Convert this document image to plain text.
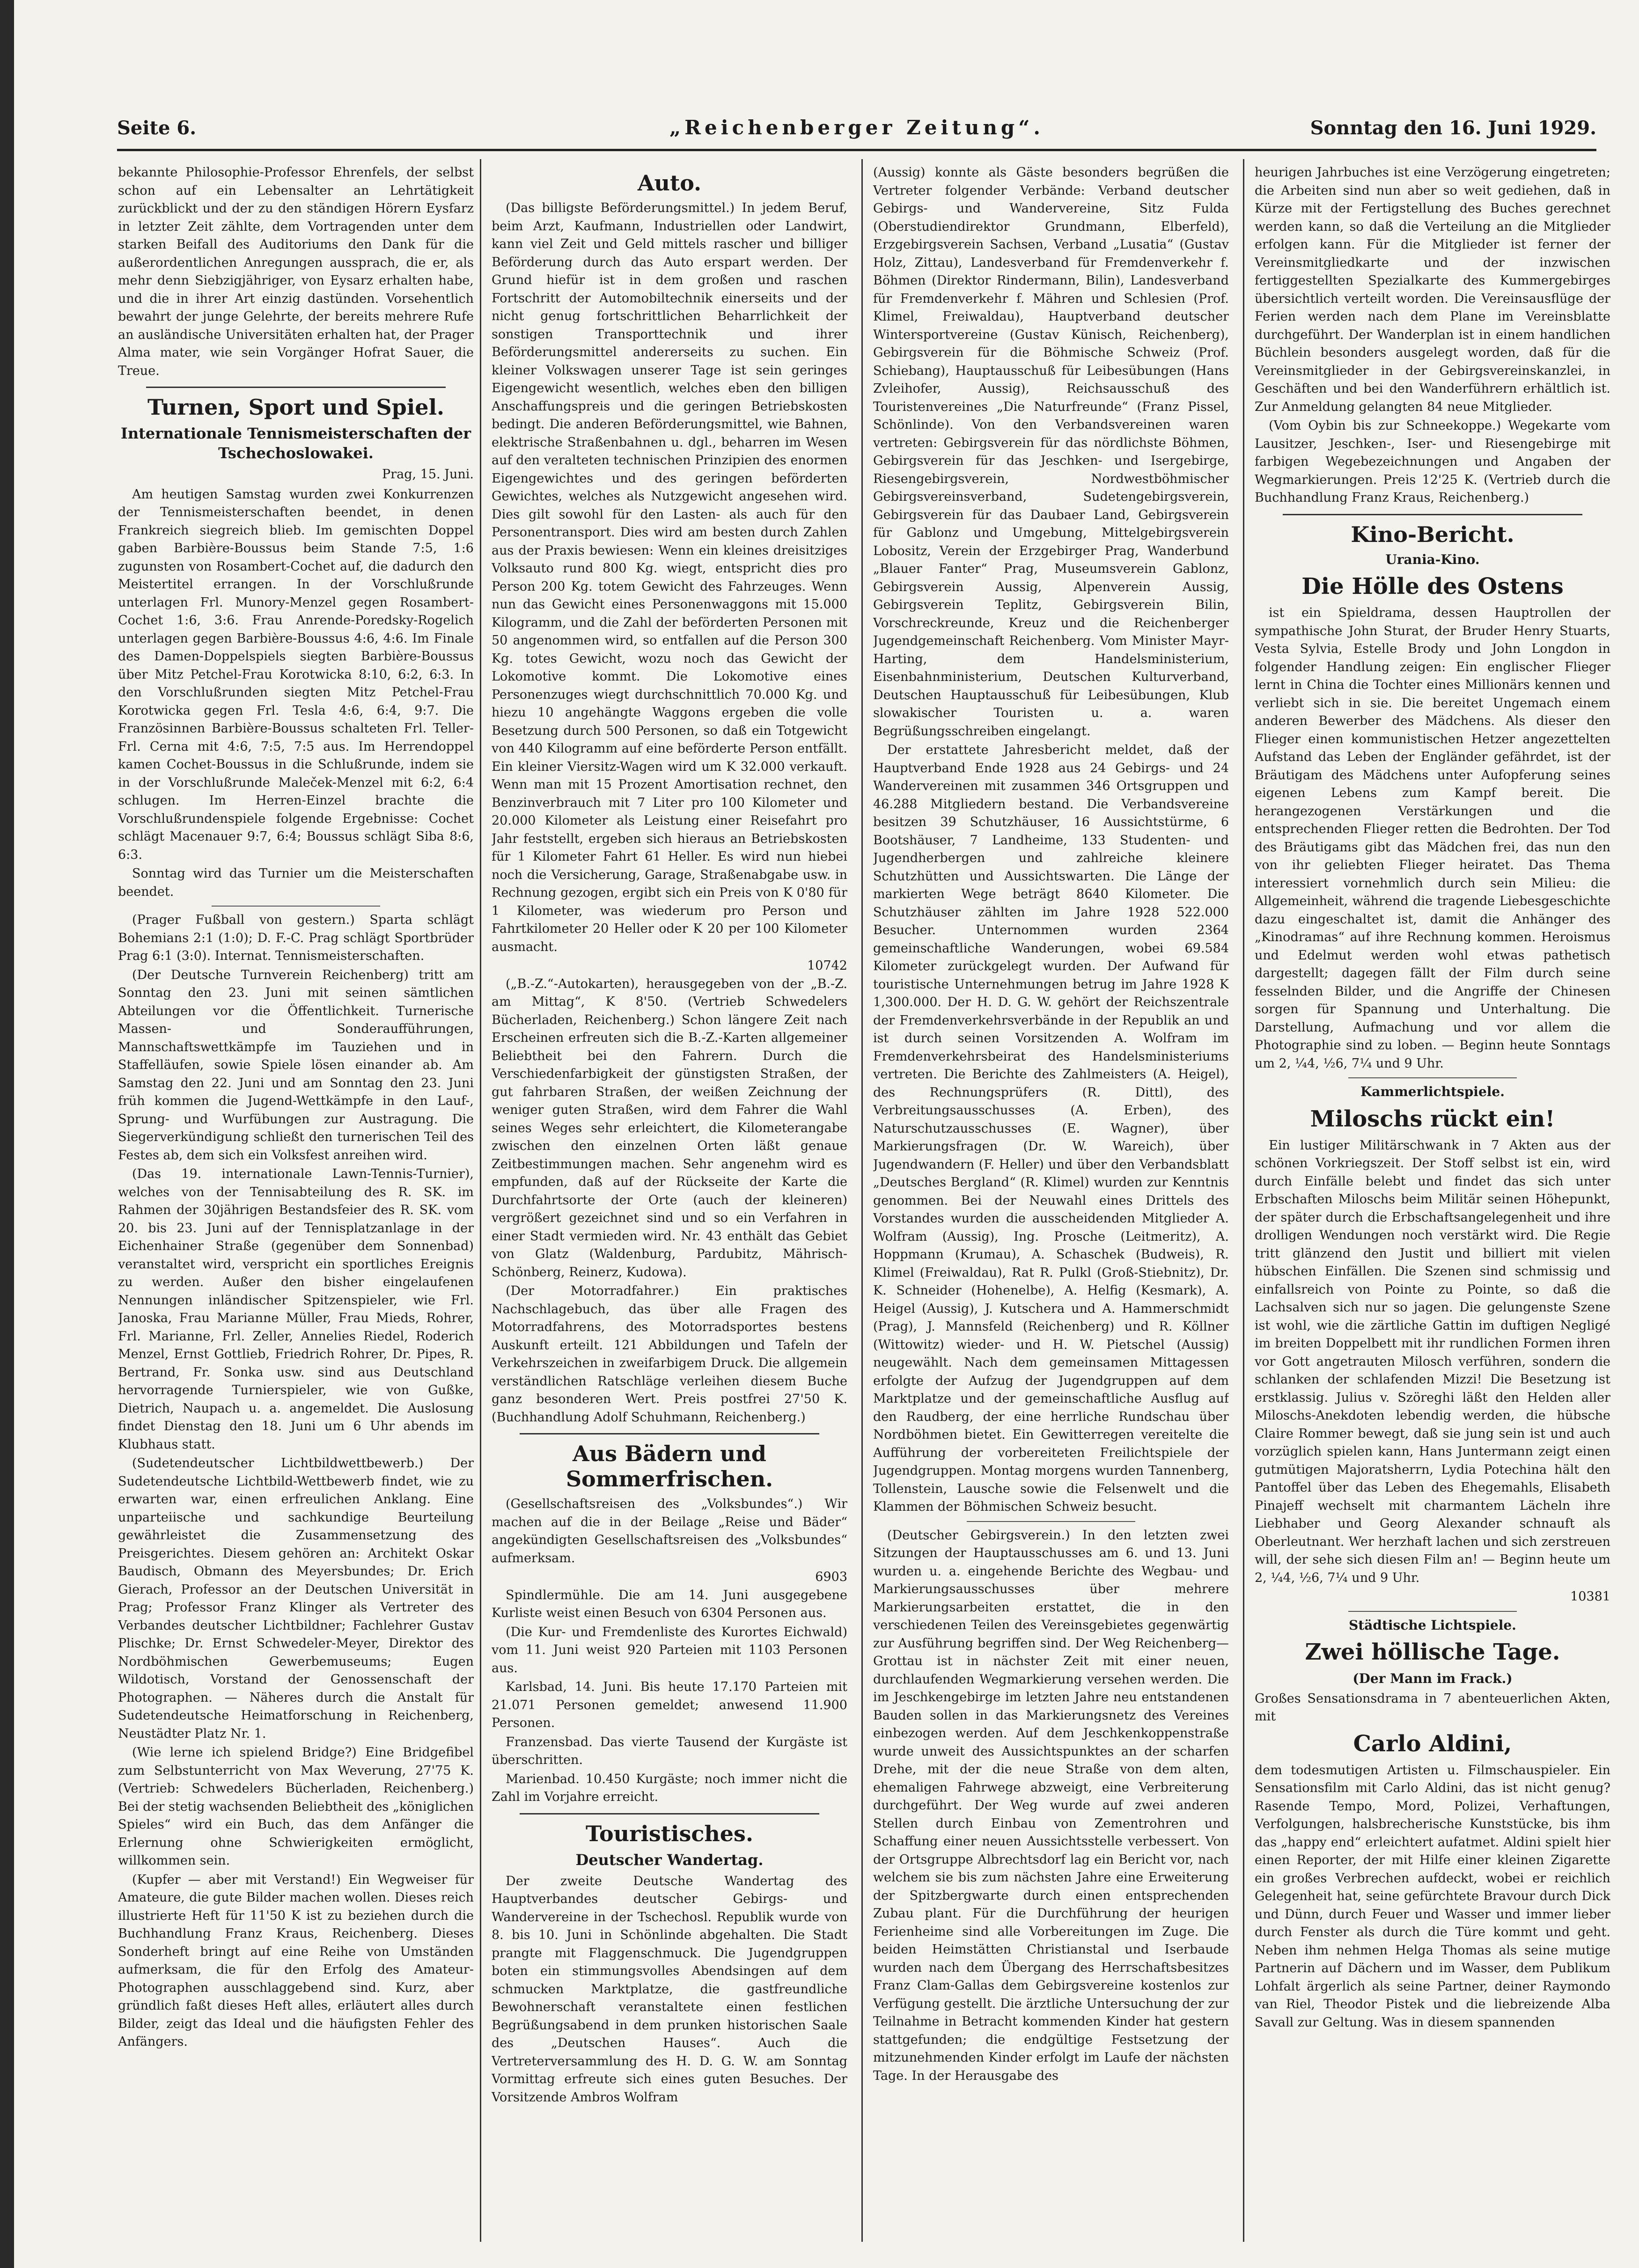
Seite 6.	„Reichenberger Zeitung“.	Sonntag den 16. Juni 1929.

bekannte Philosophie-Professor Ehrenfels, der selbst schon auf ein Lebensalter an Lehrtätigkeit zurückblickt und der zu den ständigen Hörern Eysfarz in letzter Zeit zählte, dem Vortragenden unter dem starken Beifall des Auditoriums den Dank für die außerordentlichen Anregungen aussprach, die er, als mehr denn Siebzigjähriger, von Eysarz erhalten habe, und die in ihrer Art einzig dastünden. Vorsehentlich bewahrt der junge Gelehrte, der bereits mehrere Rufe an ausländische Universitäten erhalten hat, der Prager Alma mater, wie sein Vorgänger Hofrat Sauer, die Treue.

Turnen, Sport und Spiel.
Internationale Tennismeisterschaften der Tschechoslowakei.
Prag, 15. Juni.

Am heutigen Samstag wurden zwei Konkurrenzen der Tennismeisterschaften beendet, in denen Frankreich siegreich blieb. Im gemischten Doppel gaben Barbière-Boussus beim Stande 7:5, 1:6 zugunsten von Rosambert-Cochet auf, die dadurch den Meistertitel errangen. In der Vorschlußrunde unterlagen Frl. Munory-Menzel gegen Rosambert-Cochet 1:6, 3:6. Frau Anrende-Poredsky-Rogelich unterlagen gegen Barbière-Boussus 4:6, 4:6. Im Finale des Damen-Doppelspiels siegten Barbière-Boussus über Mitz Petchel-Frau Korotwicka 8:10, 6:2, 6:3. In den Vorschlußrunden siegten Mitz Petchel-Frau Korotwicka gegen Frl. Tesla 4:6, 6:4, 9:7. Die Französinnen Barbière-Boussus schalteten Frl. Teller-Frl. Cerna mit 4:6, 7:5, 7:5 aus. Im Herrendoppel kamen Cochet-Boussus in die Schlußrunde, indem sie in der Vorschlußrunde Maleček-Menzel mit 6:2, 6:4 schlugen. Im Herren-Einzel brachte die Vorschlußrundenspiele folgende Ergebnisse: Cochet schlägt Macenauer 9:7, 6:4; Boussus schlägt Siba 8:6, 6:3.

Sonntag wird das Turnier um die Meisterschaften beendet.

(Prager Fußball von gestern.) Sparta schlägt Bohemians 2:1 (1:0); D. F.-C. Prag schlägt Sportbrüder Prag 6:1 (3:0). Internat. Tennismeisterschaften.

(Der Deutsche Turnverein Reichenberg) tritt am Sonntag den 23. Juni mit seinen sämtlichen Abteilungen vor die Öffentlichkeit. Turnerische Massen- und Sonderaufführungen, Mannschaftswettkämpfe im Tauziehen und in Staffelläufen, sowie Spiele lösen einander ab. Am Samstag den 22. Juni und am Sonntag den 23. Juni früh kommen die Jugend-Wettkämpfe in den Lauf-, Sprung- und Wurfübungen zur Austragung. Die Siegerverkündigung schließt den turnerischen Teil des Festes ab, dem sich ein Volksfest anreihen wird.

(Das 19. internationale Lawn-Tennis-Turnier), welches von der Tennisabteilung des R. SK. im Rahmen der 30jährigen Bestandsfeier des R. SK. vom 20. bis 23. Juni auf der Tennisplatzanlage in der Eichenhainer Straße (gegenüber dem Sonnenbad) veranstaltet wird, verspricht ein sportliches Ereignis zu werden. Außer den bisher eingelaufenen Nennungen inländischer Spitzenspieler, wie Frl. Janoska, Frau Marianne Müller, Frau Mieds, Rohrer, Frl. Marianne, Frl. Zeller, Annelies Riedel, Roderich Menzel, Ernst Gottlieb, Friedrich Rohrer, Dr. Pipes, R. Bertrand, Fr. Sonka usw. sind aus Deutschland hervorragende Turnierspieler, wie von Gußke, Dietrich, Naupach u. a. angemeldet. Die Auslosung findet Dienstag den 18. Juni um 6 Uhr abends im Klubhaus statt.

(Sudetendeutscher Lichtbildwettbewerb.) Der Sudetendeutsche Lichtbild-Wettbewerb findet, wie zu erwarten war, einen erfreulichen Anklang. Eine unparteiische und sachkundige Beurteilung gewährleistet die Zusammensetzung des Preisgerichtes. Diesem gehören an: Architekt Oskar Baudisch, Obmann des Meyersbundes; Dr. Erich Gierach, Professor an der Deutschen Universität in Prag; Professor Franz Klinger als Vertreter des Verbandes deutscher Lichtbildner; Fachlehrer Gustav Plischke; Dr. Ernst Schwedeler-Meyer, Direktor des Nordböhmischen Gewerbemuseums; Eugen Wildotisch, Vorstand der Genossenschaft der Photographen. — Näheres durch die Anstalt für Sudetendeutsche Heimatforschung in Reichenberg, Neustädter Platz Nr. 1.

(Wie lerne ich spielend Bridge?) Eine Bridgefibel zum Selbstunterricht von Max Weverung, 27'75 K. (Vertrieb: Schwedelers Bücherladen, Reichenberg.) Bei der stetig wachsenden Beliebtheit des „königlichen Spieles“ wird ein Buch, das dem Anfänger die Erlernung ohne Schwierigkeiten ermöglicht, willkommen sein.

(Kupfer — aber mit Verstand!) Ein Wegweiser für Amateure, die gute Bilder machen wollen. Dieses reich illustrierte Heft für 11'50 K ist zu beziehen durch die Buchhandlung Franz Kraus, Reichenberg. Dieses Sonderheft bringt auf eine Reihe von Umständen aufmerksam, die für den Erfolg des Amateur-Photographen ausschlaggebend sind. Kurz, aber gründlich faßt dieses Heft alles, erläutert alles durch Bilder, zeigt das Ideal und die häufigsten Fehler des Anfängers.

Auto.

(Das billigste Beförderungsmittel.) In jedem Beruf, beim Arzt, Kaufmann, Industriellen oder Landwirt, kann viel Zeit und Geld mittels rascher und billiger Beförderung durch das Auto erspart werden. Der Grund hiefür ist in dem großen und raschen Fortschritt der Automobiltechnik einerseits und der nicht genug fortschrittlichen Beharrlichkeit der sonstigen Transporttechnik und ihrer Beförderungsmittel andererseits zu suchen. Ein kleiner Volkswagen unserer Tage ist sein geringes Eigengewicht wesentlich, welches eben den billigen Anschaffungspreis und die geringen Betriebskosten bedingt. Die anderen Beförderungsmittel, wie Bahnen, elektrische Straßenbahnen u. dgl., beharren im Wesen auf den veralteten technischen Prinzipien des enormen Eigengewichtes und des geringen beförderten Gewichtes, welches als Nutzgewicht angesehen wird. Dies gilt sowohl für den Lasten- als auch für den Personentransport. Dies wird am besten durch Zahlen aus der Praxis bewiesen: Wenn ein kleines dreisitziges Volksauto rund 800 Kg. wiegt, entspricht dies pro Person 200 Kg. totem Gewicht des Fahrzeuges. Wenn nun das Gewicht eines Personenwaggons mit 15.000 Kilogramm, und die Zahl der beförderten Personen mit 50 angenommen wird, so entfallen auf die Person 300 Kg. totes Gewicht, wozu noch das Gewicht der Lokomotive kommt. Die Lokomotive eines Personenzuges wiegt durchschnittlich 70.000 Kg. und hiezu 10 angehängte Waggons ergeben die volle Besetzung durch 500 Personen, so daß ein Totgewicht von 440 Kilogramm auf eine beförderte Person entfällt. Ein kleiner Viersitz-Wagen wird um K 32.000 verkauft. Wenn man mit 15 Prozent Amortisation rechnet, den Benzinverbrauch mit 7 Liter pro 100 Kilometer und 20.000 Kilometer als Leistung einer Reisefahrt pro Jahr feststellt, ergeben sich hieraus an Betriebskosten für 1 Kilometer Fahrt 61 Heller. Es wird nun hiebei noch die Versicherung, Garage, Straßenabgabe usw. in Rechnung gezogen, ergibt sich ein Preis von K 0'80 für 1 Kilometer, was wiederum pro Person und Fahrtkilometer 20 Heller oder K 20 per 100 Kilometer ausmacht.

10742

(„B.-Z.“-Autokarten), herausgegeben von der „B.-Z. am Mittag“, K 8'50. (Vertrieb Schwedelers Bücherladen, Reichenberg.) Schon längere Zeit nach Erscheinen erfreuten sich die B.-Z.-Karten allgemeiner Beliebtheit bei den Fahrern. Durch die Verschiedenfarbigkeit der günstigsten Straßen, der gut fahrbaren Straßen, der weißen Zeichnung der weniger guten Straßen, wird dem Fahrer die Wahl seines Weges sehr erleichtert, die Kilometerangabe zwischen den einzelnen Orten läßt genaue Zeitbestimmungen machen. Sehr angenehm wird es empfunden, daß auf der Rückseite der Karte die Durchfahrtsorte der Orte (auch der kleineren) vergrößert gezeichnet sind und so ein Verfahren in einer Stadt vermieden wird. Nr. 43 enthält das Gebiet von Glatz (Waldenburg, Pardubitz, Mährisch-Schönberg, Reinerz, Kudowa).

(Der Motorradfahrer.) Ein praktisches Nachschlagebuch, das über alle Fragen des Motorradfahrens, des Motorradsportes bestens Auskunft erteilt. 121 Abbildungen und Tafeln der Verkehrszeichen in zweifarbigem Druck. Die allgemein verständlichen Ratschläge verleihen diesem Buche ganz besonderen Wert. Preis postfrei 27'50 K. (Buchhandlung Adolf Schuhmann, Reichenberg.)

Aus Bädern und Sommerfrischen.

(Gesellschaftsreisen des „Volksbundes“.) Wir machen auf die in der Beilage „Reise und Bäder“ angekündigten Gesellschaftsreisen des „Volksbundes“ aufmerksam.

6903

Spindlermühle. Die am 14. Juni ausgegebene Kurliste weist einen Besuch von 6304 Personen aus.

(Die Kur- und Fremdenliste des Kurortes Eichwald) vom 11. Juni weist 920 Parteien mit 1103 Personen aus.

Karlsbad, 14. Juni. Bis heute 17.170 Parteien mit 21.071 Personen gemeldet; anwesend 11.900 Personen.

Franzensbad. Das vierte Tausend der Kurgäste ist überschritten.

Marienbad. 10.450 Kurgäste; noch immer nicht die Zahl im Vorjahre erreicht.

Touristisches.
Deutscher Wandertag.

Der zweite Deutsche Wandertag des Hauptverbandes deutscher Gebirgs- und Wandervereine in der Tschechosl. Republik wurde von 8. bis 10. Juni in Schönlinde abgehalten. Die Stadt prangte mit Flaggenschmuck. Die Jugendgruppen boten ein stimmungsvolles Abendsingen auf dem schmucken Marktplatze, die gastfreundliche Bewohnerschaft veranstaltete einen festlichen Begrüßungsabend in dem prunken historischen Saale des „Deutschen Hauses“. Auch die Vertreterversammlung des H. D. G. W. am Sonntag Vormittag erfreute sich eines guten Besuches. Der Vorsitzende Ambros Wolfram

(Aussig) konnte als Gäste besonders begrüßen die Vertreter folgender Verbände: Verband deutscher Gebirgs- und Wandervereine, Sitz Fulda (Oberstudiendirektor Grundmann, Elberfeld), Erzgebirgsverein Sachsen, Verband „Lusatia“ (Gustav Holz, Zittau), Landesverband für Fremdenverkehr f. Böhmen (Direktor Rindermann, Bilin), Landesverband für Fremdenverkehr f. Mähren und Schlesien (Prof. Klimel, Freiwaldau), Hauptverband deutscher Wintersportvereine (Gustav Künisch, Reichenberg), Gebirgsverein für die Böhmische Schweiz (Prof. Schiebang), Hauptausschuß für Leibesübungen (Hans Zvleihofer, Aussig), Reichsausschuß des Touristenvereines „Die Naturfreunde“ (Franz Pissel, Schönlinde). Von den Verbandsvereinen waren vertreten: Gebirgsverein für das nördlichste Böhmen, Gebirgsverein für das Jeschken- und Isergebirge, Riesengebirgsverein, Nordwestböhmischer Gebirgsvereinsverband, Sudetengebirgsverein, Gebirgsverein für das Daubaer Land, Gebirgsverein für Gablonz und Umgebung, Mittelgebirgsverein Lobositz, Verein der Erzgebirger Prag, Wanderbund „Blauer Fanter“ Prag, Museumsverein Gablonz, Gebirgsverein Aussig, Alpenverein Aussig, Gebirgsverein Teplitz, Gebirgsverein Bilin, Vorschreckreunde, Kreuz und die Reichenberger Jugendgemeinschaft Reichenberg. Vom Minister Mayr-Harting, dem Handelsministerium, Eisenbahnministerium, Deutschen Kulturverband, Deutschen Hauptausschuß für Leibesübungen, Klub slowakischer Touristen u. a. waren Begrüßungsschreiben eingelangt.

Der erstattete Jahresbericht meldet, daß der Hauptverband Ende 1928 aus 24 Gebirgs- und 24 Wandervereinen mit zusammen 346 Ortsgruppen und 46.288 Mitgliedern bestand. Die Verbandsvereine besitzen 39 Schutzhäuser, 16 Aussichtstürme, 6 Bootshäuser, 7 Landheime, 133 Studenten- und Jugendherbergen und zahlreiche kleinere Schutzhütten und Aussichtswarten. Die Länge der markierten Wege beträgt 8640 Kilometer. Die Schutzhäuser zählten im Jahre 1928 522.000 Besucher. Unternommen wurden 2364 gemeinschaftliche Wanderungen, wobei 69.584 Kilometer zurückgelegt wurden. Der Aufwand für touristische Unternehmungen betrug im Jahre 1928 K 1,300.000. Der H. D. G. W. gehört der Reichszentrale der Fremdenverkehrsverbände in der Republik an und ist durch seinen Vorsitzenden A. Wolfram im Fremdenverkehrsbeirat des Handelsministeriums vertreten. Die Berichte des Zahlmeisters (A. Heigel), des Rechnungsprüfers (R. Dittl), des Verbreitungsausschusses (A. Erben), des Naturschutzausschusses (E. Wagner), über Markierungsfragen (Dr. W. Wareich), über Jugendwandern (F. Heller) und über den Verbandsblatt „Deutsches Bergland“ (R. Klimel) wurden zur Kenntnis genommen. Bei der Neuwahl eines Drittels des Vorstandes wurden die ausscheidenden Mitglieder A. Wolfram (Aussig), Ing. Prosche (Leitmeritz), A. Hoppmann (Krumau), A. Schaschek (Budweis), R. Klimel (Freiwaldau), Rat R. Pulkl (Groß-Stiebnitz), Dr. K. Schneider (Hohenelbe), A. Helfig (Kesmark), A. Heigel (Aussig), J. Kutschera und A. Hammerschmidt (Prag), J. Mannsfeld (Reichenberg) und R. Köllner (Wittowitz) wieder- und H. W. Pietschel (Aussig) neugewählt. Nach dem gemeinsamen Mittagessen erfolgte der Aufzug der Jugendgruppen auf dem Marktplatze und der gemeinschaftliche Ausflug auf den Raudberg, der eine herrliche Rundschau über Nordböhmen bietet. Ein Gewitterregen vereitelte die Aufführung der vorbereiteten Freilichtspiele der Jugendgruppen. Montag morgens wurden Tannenberg, Tollenstein, Lausche sowie die Felsenwelt und die Klammen der Böhmischen Schweiz besucht.

(Deutscher Gebirgsverein.) In den letzten zwei Sitzungen der Hauptausschusses am 6. und 13. Juni wurden u. a. eingehende Berichte des Wegbau- und Markierungsausschusses über mehrere Markierungsarbeiten erstattet, die in den verschiedenen Teilen des Vereinsgebietes gegenwärtig zur Ausführung begriffen sind. Der Weg Reichenberg—Grottau ist in nächster Zeit mit einer neuen, durchlaufenden Wegmarkierung versehen werden. Die im Jeschkengebirge im letzten Jahre neu entstandenen Bauden sollen in das Markierungsnetz des Vereines einbezogen werden. Auf dem Jeschkenkoppenstraße wurde unweit des Aussichtspunktes an der scharfen Drehe, mit der die neue Straße von dem alten, ehemaligen Fahrwege abzweigt, eine Verbreiterung durchgeführt. Der Weg wurde auf zwei anderen Stellen durch Einbau von Zementrohren und Schaffung einer neuen Aussichtsstelle verbessert. Von der Ortsgruppe Albrechtsdorf lag ein Bericht vor, nach welchem sie bis zum nächsten Jahre eine Erweiterung der Spitzbergwarte durch einen entsprechenden Zubau plant. Für die Durchführung der heurigen Ferienheime sind alle Vorbereitungen im Zuge. Die beiden Heimstätten Christianstal und Iserbaude wurden nach dem Übergang des Herrschaftsbesitzes Franz Clam-Gallas dem Gebirgsvereine kostenlos zur Verfügung gestellt. Die ärztliche Untersuchung der zur Teilnahme in Betracht kommenden Kinder hat gestern stattgefunden; die endgültige Festsetzung der mitzunehmenden Kinder erfolgt im Laufe der nächsten Tage. In der Herausgabe des

heurigen Jahrbuches ist eine Verzögerung eingetreten; die Arbeiten sind nun aber so weit gediehen, daß in Kürze mit der Fertigstellung des Buches gerechnet werden kann, so daß die Verteilung an die Mitglieder erfolgen kann. Für die Mitglieder ist ferner der Vereinsmitgliedkarte und der inzwischen fertiggestellten Spezialkarte des Kummergebirges übersichtlich verteilt worden. Die Vereinsausflüge der Ferien werden nach dem Plane im Vereinsblatte durchgeführt. Der Wanderplan ist in einem handlichen Büchlein besonders ausgelegt worden, daß für die Vereinsmitglieder in der Gebirgsvereinskanzlei, in Geschäften und bei den Wanderführern erhältlich ist. Zur Anmeldung gelangten 84 neue Mitglieder.

(Vom Oybin bis zur Schneekoppe.) Wegekarte vom Lausitzer, Jeschken-, Iser- und Riesengebirge mit farbigen Wegebezeichnungen und Angaben der Wegmarkierungen. Preis 12'25 K. (Vertrieb durch die Buchhandlung Franz Kraus, Reichenberg.)

Kino-Bericht.
Urania-Kino.
Die Hölle des Ostens

ist ein Spieldrama, dessen Hauptrollen der sympathische John Sturat, der Bruder Henry Stuarts, Vesta Sylvia, Estelle Brody und John Longdon in folgender Handlung zeigen: Ein englischer Flieger lernt in China die Tochter eines Millionärs kennen und verliebt sich in sie. Die bereitet Ungemach einem anderen Bewerber des Mädchens. Als dieser den Flieger einen kommunistischen Hetzer angezettelten Aufstand das Leben der Engländer gefährdet, ist der Bräutigam des Mädchens unter Aufopferung seines eigenen Lebens zum Kampf bereit. Die herangezogenen Verstärkungen und die entsprechenden Flieger retten die Bedrohten. Der Tod des Bräutigams gibt das Mädchen frei, das nun den von ihr geliebten Flieger heiratet. Das Thema interessiert vornehmlich durch sein Milieu: die Allgemeinheit, während die tragende Liebesgeschichte dazu eingeschaltet ist, damit die Anhänger des „Kinodramas“ auf ihre Rechnung kommen. Heroismus und Edelmut werden wohl etwas pathetisch dargestellt; dagegen fällt der Film durch seine fesselnden Bilder, und die Angriffe der Chinesen sorgen für Spannung und Unterhaltung. Die Darstellung, Aufmachung und vor allem die Photographie sind zu loben. — Beginn heute Sonntags um 2, ¼4, ½6, 7¼ und 9 Uhr.

Kammerlichtspiele.
Miloschs rückt ein!

Ein lustiger Militärschwank in 7 Akten aus der schönen Vorkriegszeit. Der Stoff selbst ist ein, wird durch Einfälle belebt und findet das sich unter Erbschaften Miloschs beim Militär seinen Höhepunkt, der später durch die Erbschaftsangelegenheit und ihre drolligen Wendungen noch verstärkt wird. Die Regie tritt glänzend den Justit und billiert mit vielen hübschen Einfällen. Die Szenen sind schmissig und einfallsreich von Pointe zu Pointe, so daß die Lachsalven sich nur so jagen. Die gelungenste Szene ist wohl, wie die zärtliche Gattin im duftigen Negligé im breiten Doppelbett mit ihr rundlichen Formen ihren vor Gott angetrauten Milosch verführen, sondern die schlanken der schlafenden Mizzi! Die Besetzung ist erstklassig. Julius v. Szöreghi läßt den Helden aller Miloschs-Anekdoten lebendig werden, die hübsche Claire Rommer bewegt, daß sie jung sein ist und auch vorzüglich spielen kann, Hans Juntermann zeigt einen gutmütigen Majoratsherrn, Lydia Potechina hält den Pantoffel über das Leben des Ehegemahls, Elisabeth Pinajeff wechselt mit charmantem Lächeln ihre Liebhaber und Georg Alexander schnauft als Oberleutnant. Wer herzhaft lachen und sich zerstreuen will, der sehe sich diesen Film an! — Beginn heute um 2, ¼4, ½6, 7¼ und 9 Uhr.

10381
Städtische Lichtspiele.
Zwei höllische Tage.
(Der Mann im Frack.)

Großes Sensationsdrama in 7 abenteuerlichen Akten, mit

Carlo Aldini,

dem todesmutigen Artisten u. Filmschauspieler. Ein Sensationsfilm mit Carlo Aldini, das ist nicht genug? Rasende Tempo, Mord, Polizei, Verhaftungen, Verfolgungen, halsbrecherische Kunststücke, bis ihm das „happy end“ erleichtert aufatmet. Aldini spielt hier einen Reporter, der mit Hilfe einer kleinen Zigarette ein großes Verbrechen aufdeckt, wobei er reichlich Gelegenheit hat, seine gefürchtete Bravour durch Dick und Dünn, durch Feuer und Wasser und immer lieber durch Fenster als durch die Türe kommt und geht. Neben ihm nehmen Helga Thomas als seine mutige Partnerin auf Dächern und im Wasser, dem Publikum Lohfalt ärgerlich als seine Partner, deiner Raymondo van Riel, Theodor Pistek und die liebreizende Alba Savall zur Geltung. Was in diesem spannenden
